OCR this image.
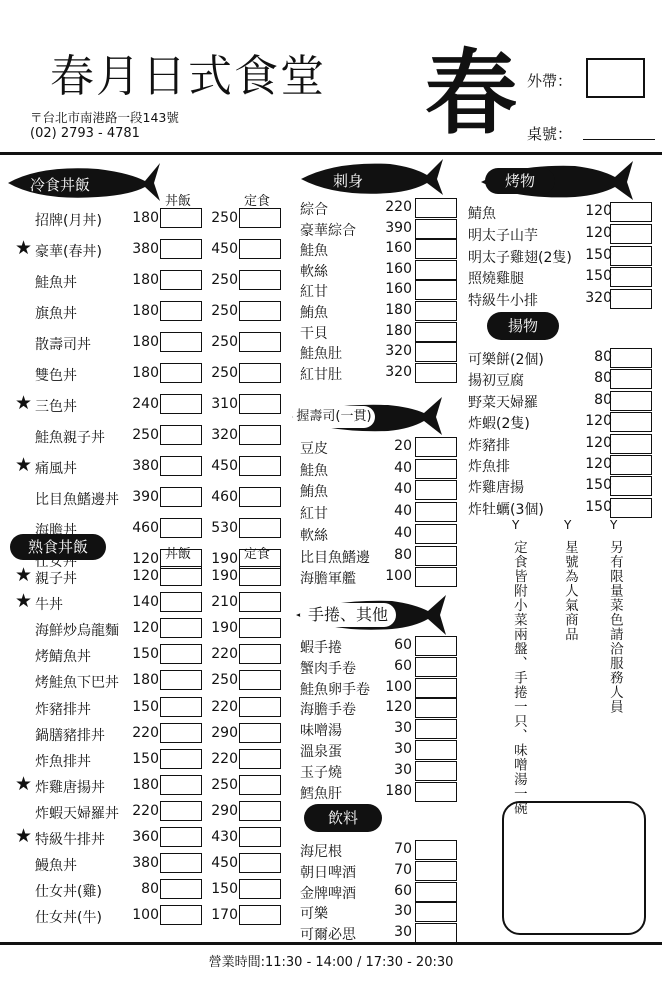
春月日式食堂
〒台北市南港路一段143號
(02) 2793 - 4781	春 外帶：
桌號：
冷食丼飯	刺身
握壽司(一貫)
手捲、其他
烤物
揚物
熟食丼飯
飲料
丼飯	定食
丼飯	定食
招牌(月丼)	180	250
★ 豪華(春丼)	380	450
鮭魚丼	180	250
旗魚丼	180	250
散壽司丼	180	250
雙色丼	180	250
★ 三色丼	240	310
鮭魚親子丼	250	320
★ 痛風丼	380	450
比目魚鰭邊丼 390	460
海膽丼	460	530
仕女丼	120	190
★ 親子丼	120	190
★ 牛丼	140	210
海鮮炒烏龍麵 120	190
烤鯖魚丼	150	220
烤鮭魚下巴丼 180	250
炸豬排丼	150	220
鍋膳豬排丼	220	290
炸魚排丼	150	220
★ 炸雞唐揚丼	180	250
炸蝦天婦羅丼 220	290
★ 特級牛排丼	360	430
鰻魚丼	380	450
仕女丼(雞)	80	150
仕女丼(牛)	100	170
綜合	220
豪華綜合	390
鮭魚	160
軟絲	160
紅甘	160
鮪魚	180
干貝	180
鮭魚肚	320
紅甘肚	320
豆皮	20
鮭魚	40
鮪魚	40
紅甘	40
軟絲	40
比目魚鰭邊	80
海膽軍艦	100
蝦手捲	60
蟹肉手卷	60
鮭魚卵手卷	100
海膽手卷	120
味噌湯	30
溫泉蛋	30
玉子燒	30
鱈魚肝	180
海尼根	70
朝日啤酒	70
金牌啤酒	60
可樂	30
可爾必思	30
鯖魚	120
明太子山芋	120
明太子雞翅(2隻) 150
照燒雞腿	150
特級牛小排	320
可樂餅(2個)	80
揚初豆腐	80
野菜天婦羅	80
炸蝦(2隻)	120
炸豬排	120
炸魚排	120
炸雞唐揚	150
炸牡蠣(3個)	150
Y
定食皆附小菜兩盤、手捲一只、味噌湯一碗
Y
星號為人氣商品
Y
另有限量菜色請洽服務人員
營業時間:11:30 - 14:00 / 17:30 - 20:30
